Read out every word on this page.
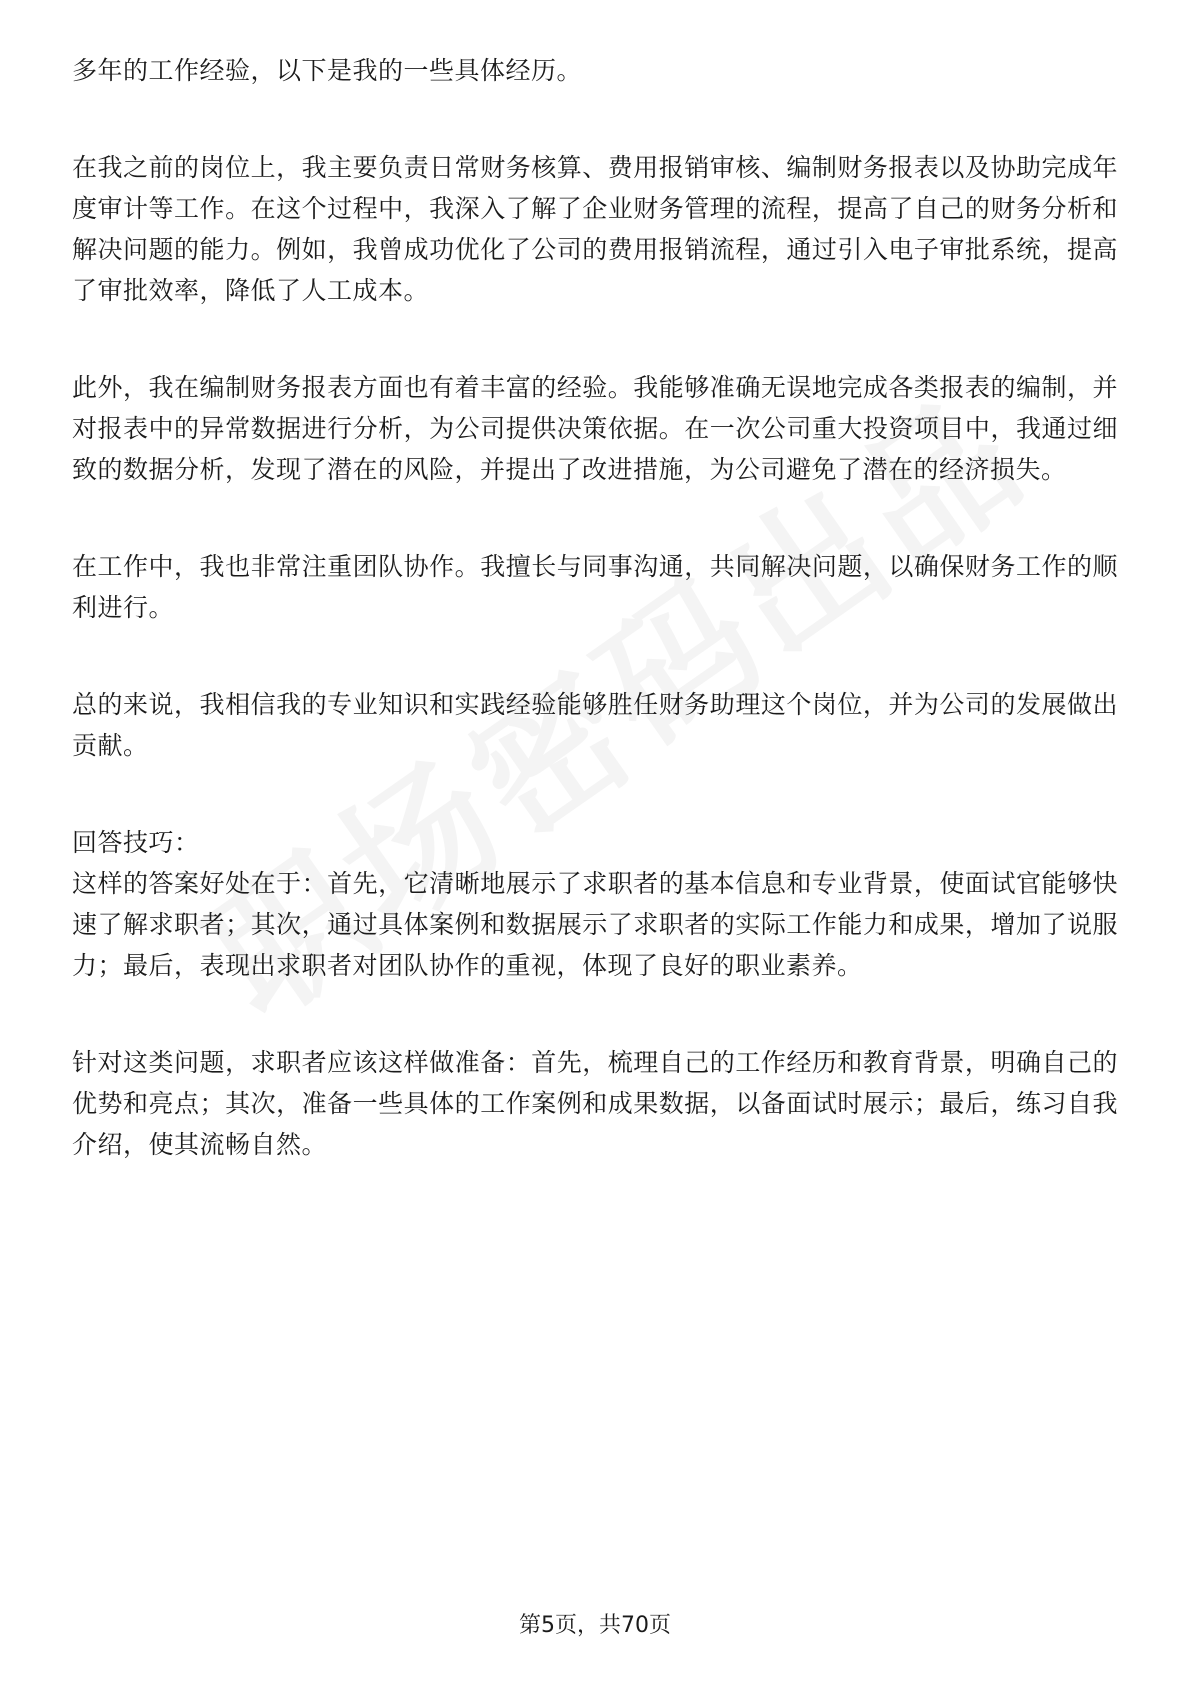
多年的工作经验，以下是我的一些具体经历。

在我之前的岗位上，我主要负责日常财务核算、费用报销审核、编制财务报表以及协助完成年度审计等工作。在这个过程中，我深入了解了企业财务管理的流程，提高了自己的财务分析和解决问题的能力。例如，我曾成功优化了公司的费用报销流程，通过引入电子审批系统，提高了审批效率，降低了人工成本。

此外，我在编制财务报表方面也有着丰富的经验。我能够准确无误地完成各类报表的编制，并对报表中的异常数据进行分析，为公司提供决策依据。在一次公司重大投资项目中，我通过细致的数据分析，发现了潜在的风险，并提出了改进措施，为公司避免了潜在的经济损失。

在工作中，我也非常注重团队协作。我擅长与同事沟通，共同解决问题，以确保财务工作的顺利进行。

总的来说，我相信我的专业知识和实践经验能够胜任财务助理这个岗位，并为公司的发展做出贡献。

回答技巧：

这样的答案好处在于：首先，它清晰地展示了求职者的基本信息和专业背景，使面试官能够快速了解求职者；其次，通过具体案例和数据展示了求职者的实际工作能力和成果，增加了说服力；最后，表现出求职者对团队协作的重视，体现了良好的职业素养。

针对这类问题，求职者应该这样做准备：首先，梳理自己的工作经历和教育背景，明确自己的优势和亮点；其次，准备一些具体的工作案例和成果数据，以备面试时展示；最后，练习自我介绍，使其流畅自然。

第5页，共70页
